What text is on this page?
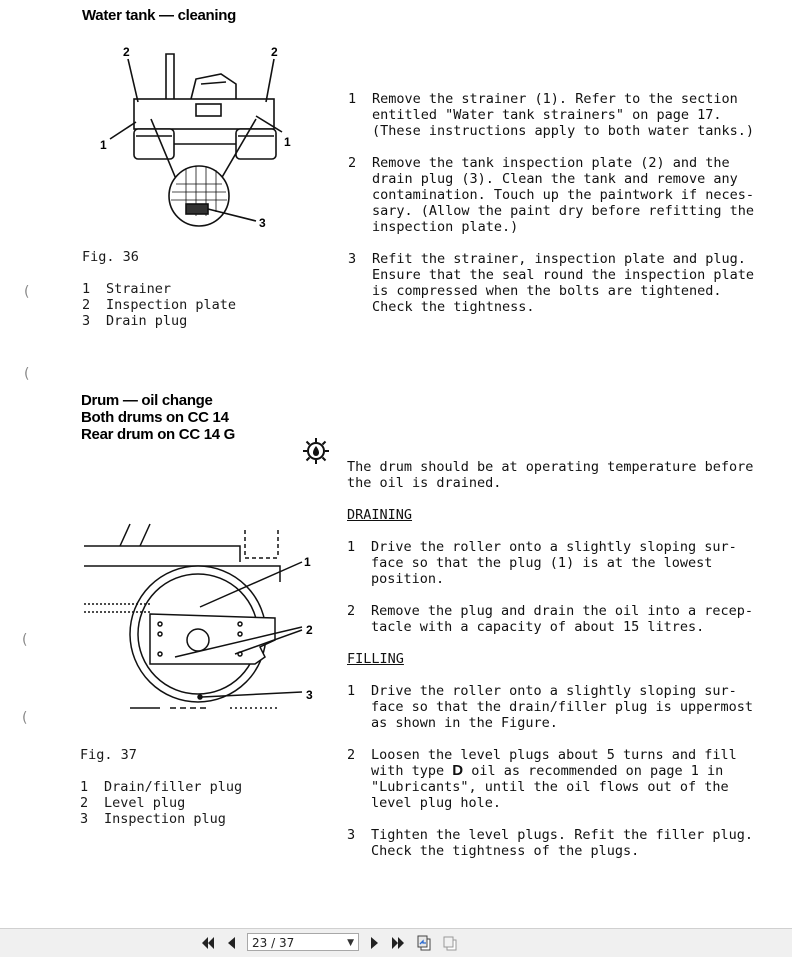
Water tank — cleaning
2	2
1	1
3
Fig. 36
1 Strainer
2 Inspection plate
3 Drain plug
1 Remove the strainer (1). Refer to the section
entitled "Water tank strainers" on page 17.
(These instructions apply to both water tanks.)
2 Remove the tank inspection plate (2) and the
drain plug (3). Clean the tank and remove any
contamination. Touch up the paintwork if neces-
sary. (Allow the paint dry before refitting the
inspection plate.)
3 Refit the strainer, inspection plate and plug.
Ensure that the seal round the inspection plate
is compressed when the bolts are tightened.
Check the tightness.
Drum — oil change
Both drums on CC 14
Rear drum on CC 14 G
The drum should be at operating temperature before
the oil is drained.
DRAINING
1 Drive the roller onto a slightly sloping sur-
face so that the plug (1) is at the lowest
position.
2 Remove the plug and drain the oil into a recep-
tacle with a capacity of about 15 litres.
FILLING
1 Drive the roller onto a slightly sloping sur-
face so that the drain/filler plug is uppermost
as shown in the Figure.
2 Loosen the level plugs about 5 turns and fill
with type D oil as recommended on page 1 in
"Lubricants", until the oil flows out of the
level plug hole.
3 Tighten the level plugs. Refit the filler plug.
Check the tightness of the plugs.
1
2
3
Fig. 37
1 Drain/filler plug
2 Level plug
3 Inspection plug
(
(
(
(
23 / 37	▼
